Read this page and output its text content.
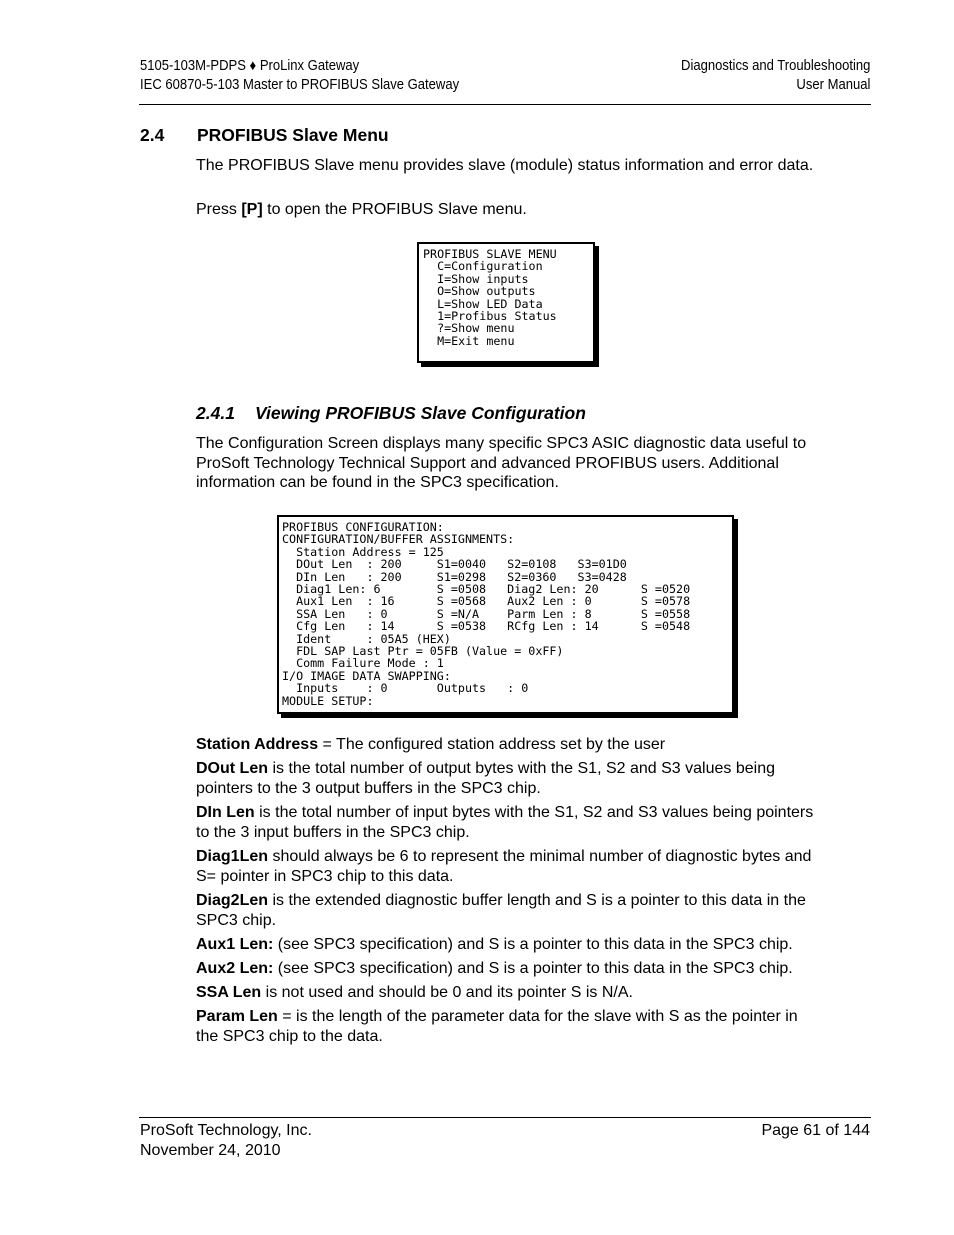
5105-103M-PDPS ♦ ProLinx Gateway
IEC 60870-5-103 Master to PROFIBUS Slave Gateway
Diagnostics and Troubleshooting
User Manual
2.4 PROFIBUS Slave Menu
The PROFIBUS Slave menu provides slave (module) status information and error data.
Press [P] to open the PROFIBUS Slave menu.
PROFIBUS SLAVE MENU
C=Configuration
I=Show inputs
O=Show outputs
L=Show LED Data
1=Profibus Status
?=Show menu
M=Exit menu
2.4.1 Viewing PROFIBUS Slave Configuration
The Configuration Screen displays many specific SPC3 ASIC diagnostic data useful to ProSoft Technology Technical Support and advanced PROFIBUS users. Additional information can be found in the SPC3 specification.
PROFIBUS CONFIGURATION:
CONFIGURATION/BUFFER ASSIGNMENTS:
Station Address = 125
DOut Len  : 200     S1=0040   S2=0108   S3=01D0
DIn Len   : 200     S1=0298   S2=0360   S3=0428
Diag1 Len: 6        S =0508   Diag2 Len: 20      S =0520
Aux1 Len  : 16      S =0568   Aux2 Len : 0       S =0578
SSA Len   : 0       S =N/A    Parm Len : 8       S =0558
Cfg Len   : 14      S =0538   RCfg Len : 14      S =0548
Ident     : 05A5 (HEX)
FDL SAP Last Ptr = 05FB (Value = 0xFF)
Comm Failure Mode : 1
I/O IMAGE DATA SWAPPING:
Inputs    : 0       Outputs   : 0
MODULE SETUP:
Station Address = The configured station address set by the user
DOut Len is the total number of output bytes with the S1, S2 and S3 values being pointers to the 3 output buffers in the SPC3 chip.
DIn Len is the total number of input bytes with the S1, S2 and S3 values being pointers to the 3 input buffers in the SPC3 chip.
Diag1Len should always be 6 to represent the minimal number of diagnostic bytes and S= pointer in SPC3 chip to this data.
Diag2Len is the extended diagnostic buffer length and S is a pointer to this data in the SPC3 chip.
Aux1 Len: (see SPC3 specification) and S is a pointer to this data in the SPC3 chip.
Aux2 Len: (see SPC3 specification) and S is a pointer to this data in the SPC3 chip.
SSA Len is not used and should be 0 and its pointer S is N/A.
Param Len = is the length of the parameter data for the slave with S as the pointer in the SPC3 chip to the data.
ProSoft Technology, Inc.
November 24, 2010
Page 61 of 144
